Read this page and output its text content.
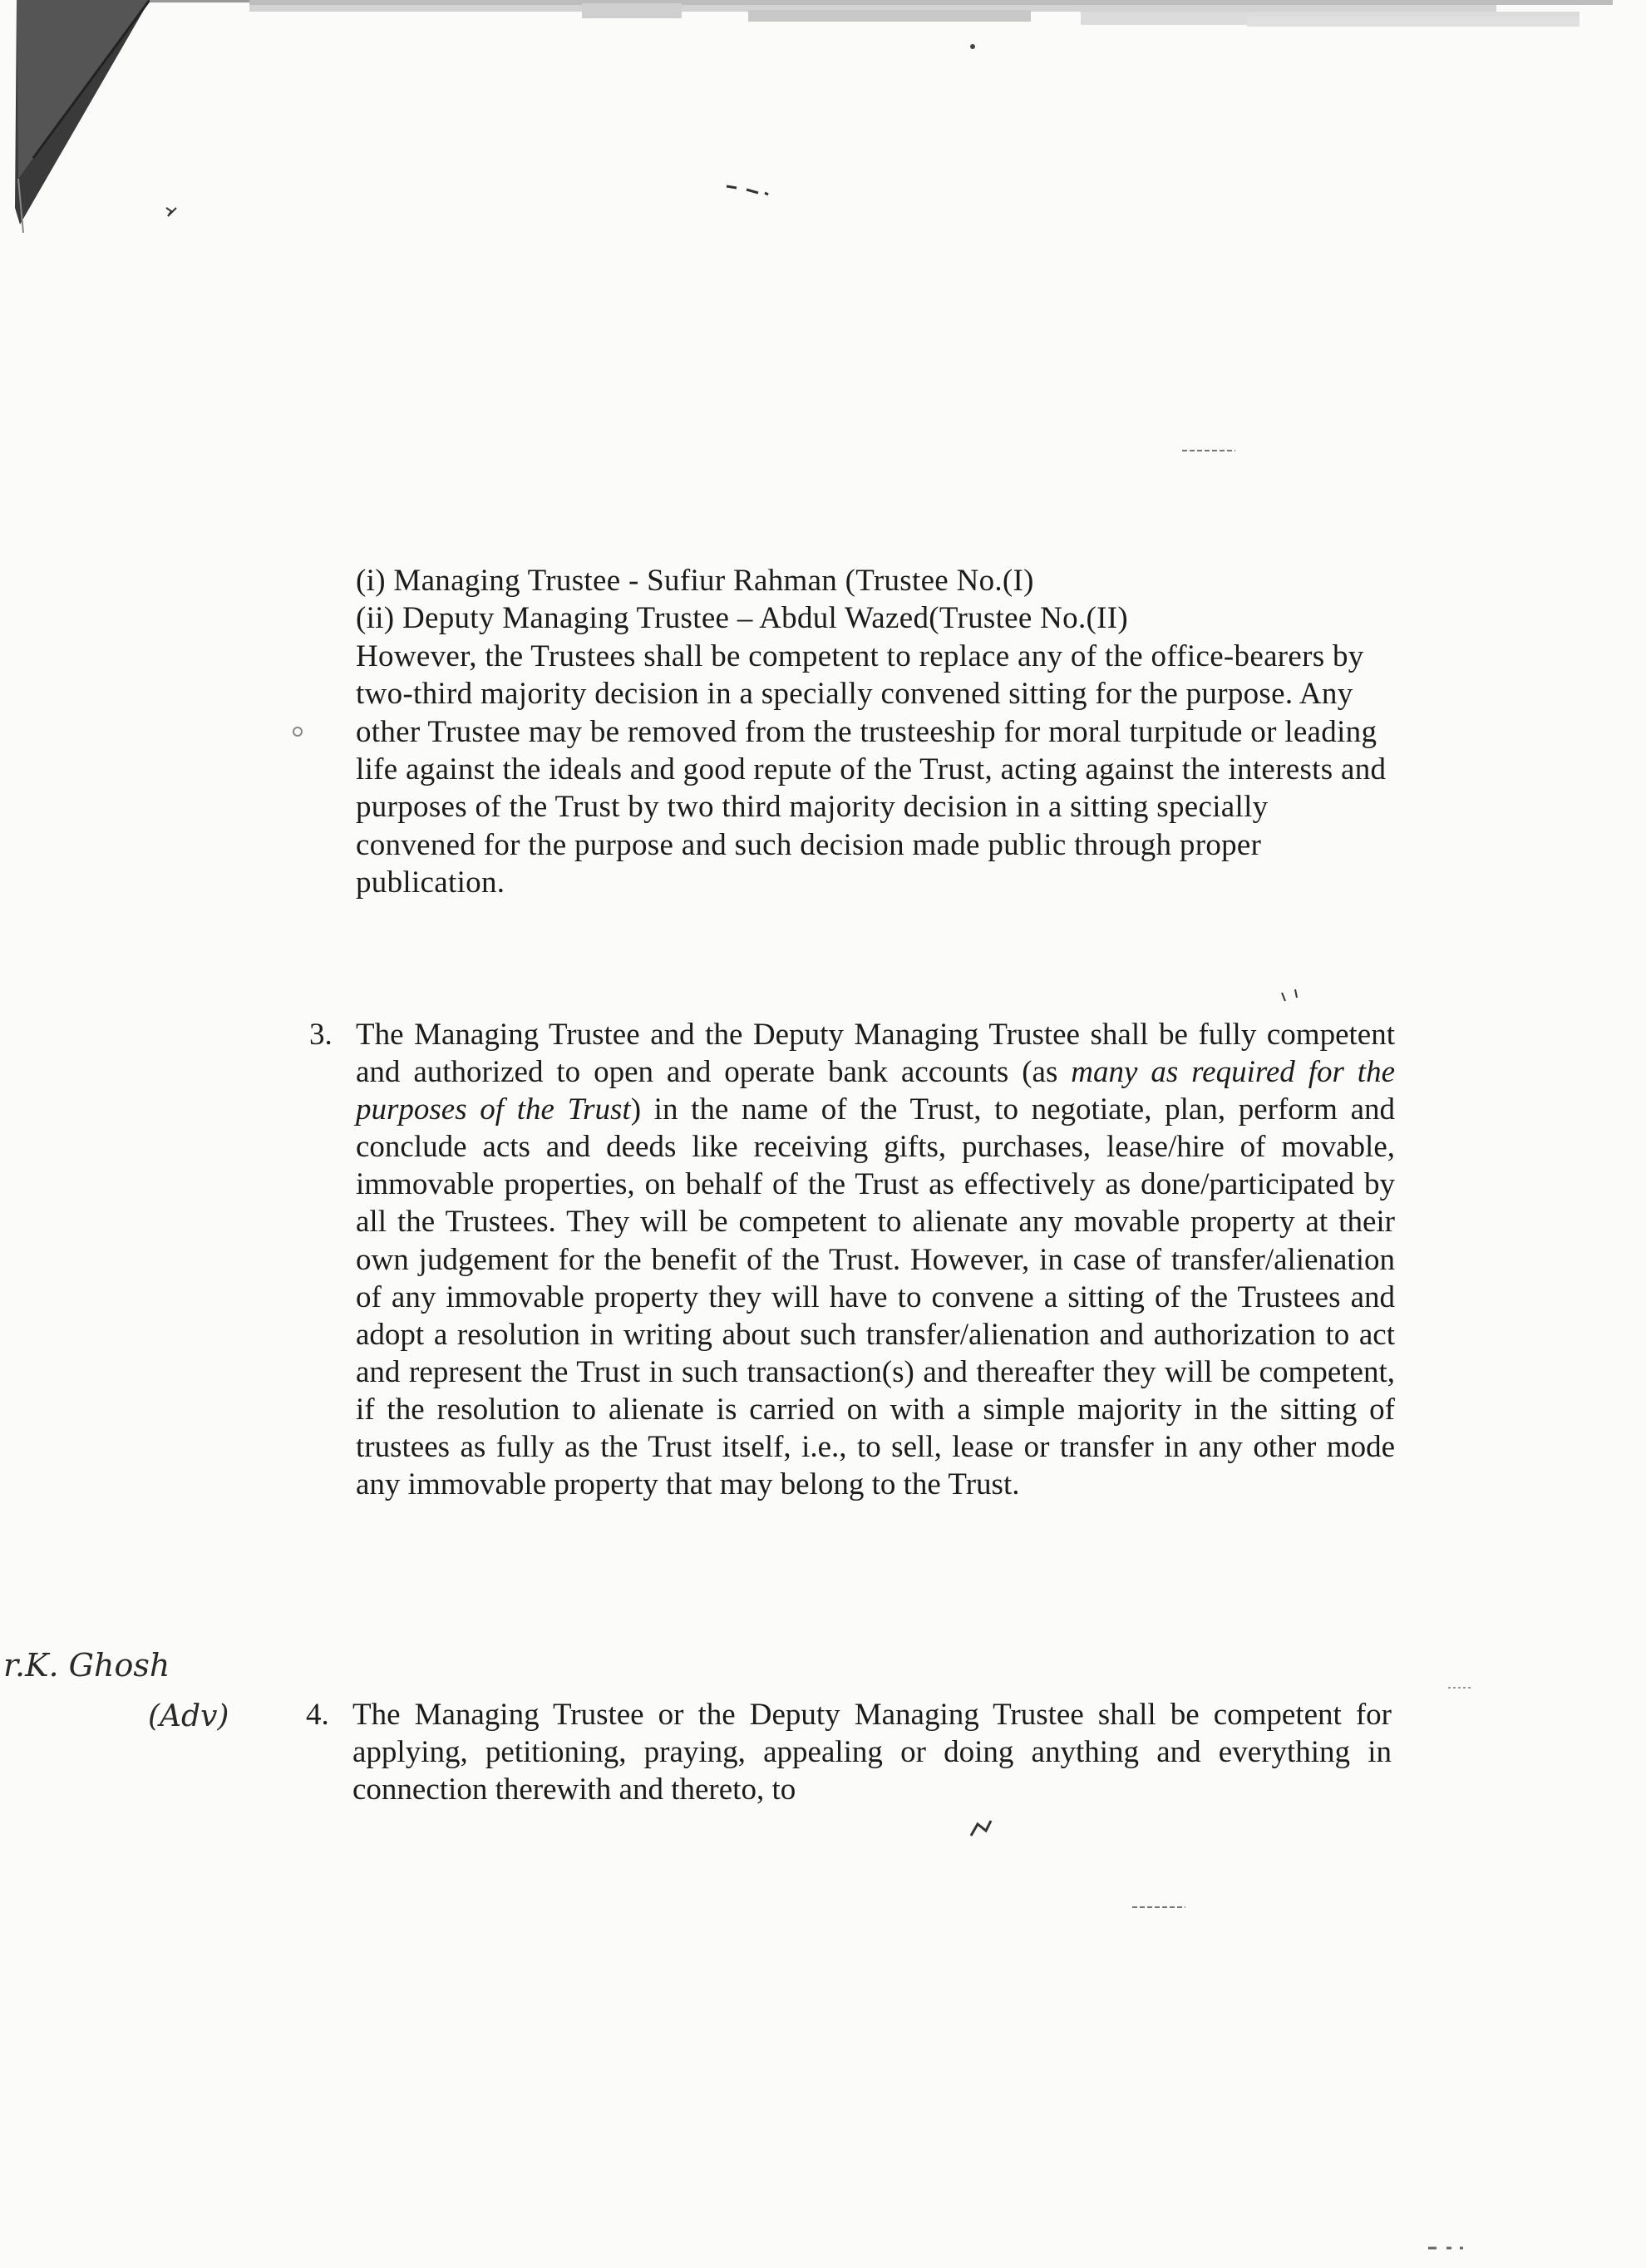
(i) Managing Trustee - Sufiur Rahman (Trustee No.(I)

(ii) Deputy Managing Trustee – Abdul Wazed(Trustee No.(II)

However, the Trustees shall be competent to replace any of the office-bearers by two-third majority decision in a specially convened sitting for the purpose. Any other Trustee may be removed from the trusteeship for moral turpitude or leading life against the ideals and good repute of the Trust, acting against the interests and purposes of the Trust by two third majority decision in a sitting specially convened for the purpose and such decision made public through proper publication.

3. The Managing Trustee and the Deputy Managing Trustee shall be fully competent and authorized to open and operate bank accounts (as many as required for the purposes of the Trust) in the name of the Trust, to negotiate, plan, perform and conclude acts and deeds like receiving gifts, purchases, lease/hire of movable, immovable properties, on behalf of the Trust as effectively as done/participated by all the Trustees. They will be competent to alienate any movable property at their own judgement for the benefit of the Trust. However, in case of transfer/alienation of any immovable property they will have to convene a sitting of the Trustees and adopt a resolution in writing about such transfer/alienation and authorization to act and represent the Trust in such transaction(s) and thereafter they will be competent, if the resolution to alienate is carried on with a simple majority in the sitting of trustees as fully as the Trust itself, i.e., to sell, lease or transfer in any other mode any immovable property that may belong to the Trust.
4. The Managing Trustee or the Deputy Managing Trustee shall be competent for applying, petitioning, praying, appealing or doing anything and everything in connection therewith and thereto, to
r.K. Ghosh
(Adv)
